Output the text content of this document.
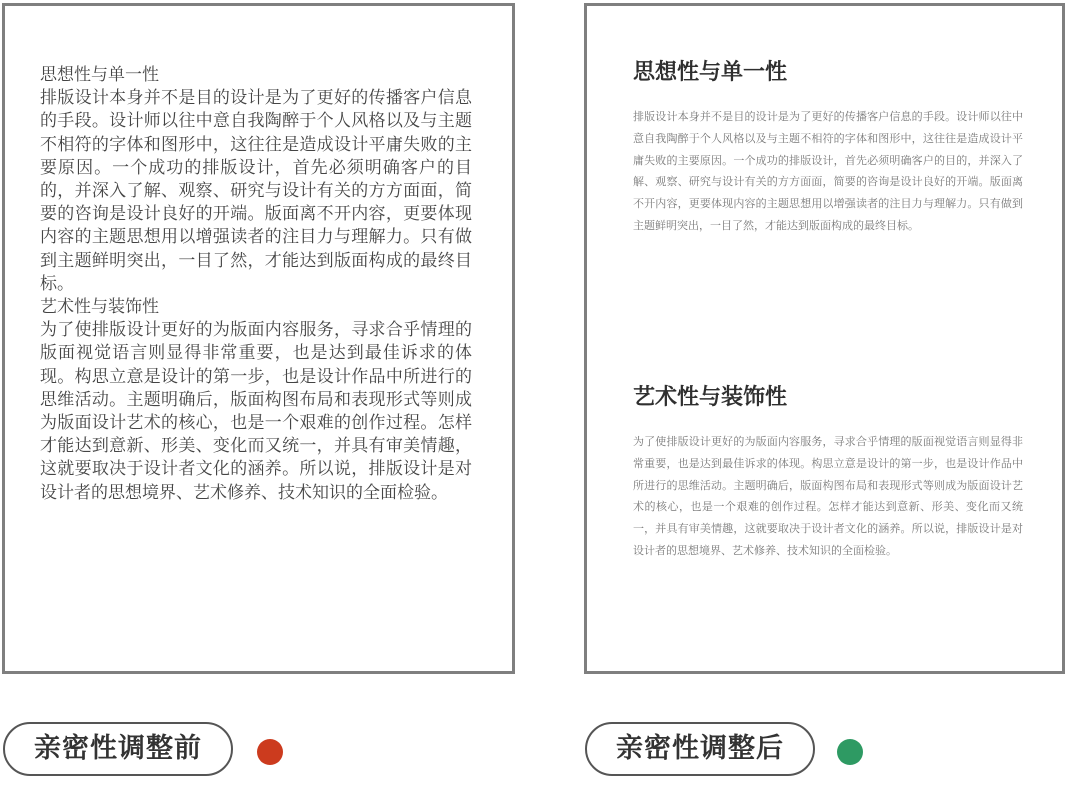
思想性与单一性

排版设计本身并不是目的设计是为了更好的传播客户信息的手段。设计师以往中意自我陶醉于个人风格以及与主题不相符的字体和图形中，这往往是造成设计平庸失败的主要原因。一个成功的排版设计，首先必须明确客户的目的，并深入了解、观察、研究与设计有关的方方面面，简要的咨询是设计良好的开端。版面离不开内容，更要体现内容的主题思想用以增强读者的注目力与理解力。只有做到主题鲜明突出，一目了然，才能达到版面构成的最终目标。

艺术性与装饰性

为了使排版设计更好的为版面内容服务，寻求合乎情理的版面视觉语言则显得非常重要，也是达到最佳诉求的体现。构思立意是设计的第一步，也是设计作品中所进行的思维活动。主题明确后，版面构图布局和表现形式等则成为版面设计艺术的核心，也是一个艰难的创作过程。怎样才能达到意新、形美、变化而又统一，并具有审美情趣，这就要取决于设计者文化的涵养。所以说，排版设计是对设计者的思想境界、艺术修养、技术知识的全面检验。

思想性与单一性

排版设计本身并不是目的设计是为了更好的传播客户信息的手段。设计师以往中意自我陶醉于个人风格以及与主题不相符的字体和图形中，这往往是造成设计平庸失败的主要原因。一个成功的排版设计，首先必须明确客户的目的，并深入了解、观察、研究与设计有关的方方面面，简要的咨询是设计良好的开端。版面离不开内容，更要体现内容的主题思想用以增强读者的注目力与理解力。只有做到主题鲜明突出，一目了然，才能达到版面构成的最终目标。

艺术性与装饰性

为了使排版设计更好的为版面内容服务，寻求合乎情理的版面视觉语言则显得非常重要，也是达到最佳诉求的体现。构思立意是设计的第一步，也是设计作品中所进行的思维活动。主题明确后，版面构图布局和表现形式等则成为版面设计艺术的核心，也是一个艰难的创作过程。怎样才能达到意新、形美、变化而又统一，并具有审美情趣，这就要取决于设计者文化的涵养。所以说，排版设计是对设计者的思想境界、艺术修养、技术知识的全面检验。

亲密性调整前	亲密性调整后
